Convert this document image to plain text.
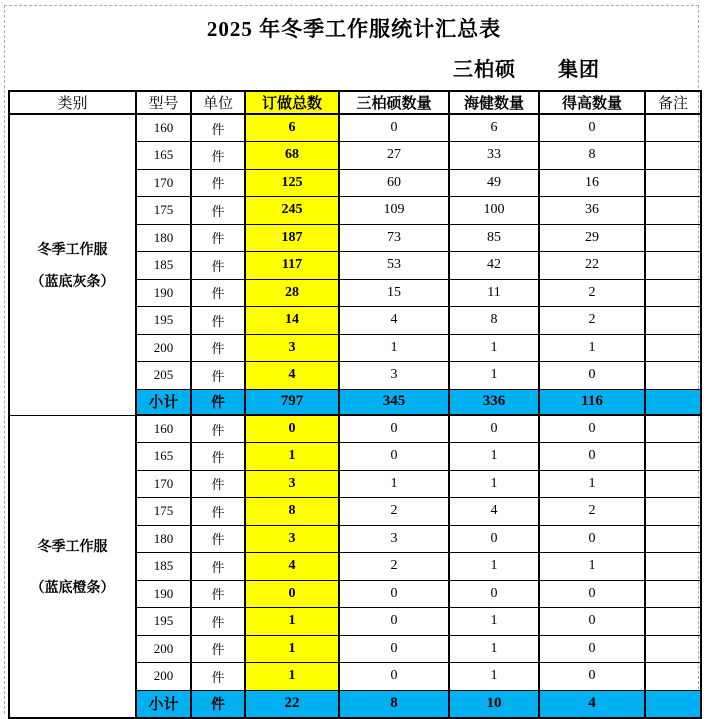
2025 年冬季工作服统计汇总表
三柏硕　　集团
类别	型号	单位	订做总数	三柏硕数量	海健数量	得高数量	备注

冬季工作服
（蓝底灰条）	160	件	6	0	6	0	
	165	件	68	27	33	8	
	170	件	125	60	49	16	
	175	件	245	109	100	36	
	180	件	187	73	85	29	
	185	件	117	53	42	22	
	190	件	28	15	11	2	
	195	件	14	4	8	2	
	200	件	3	1	1	1	
	205	件	4	3	1	0	
	小计	件	797	345	336	116	

冬季工作服
（蓝底橙条）	160	件	0	0	0	0	
	165	件	1	0	1	0	
	170	件	3	1	1	1	
	175	件	8	2	4	2	
	180	件	3	3	0	0	
	185	件	4	2	1	1	
	190	件	0	0	0	0	
	195	件	1	0	1	0	
	200	件	1	0	1	0	
	200	件	1	0	1	0	
	小计	件	22	8	10	4	
